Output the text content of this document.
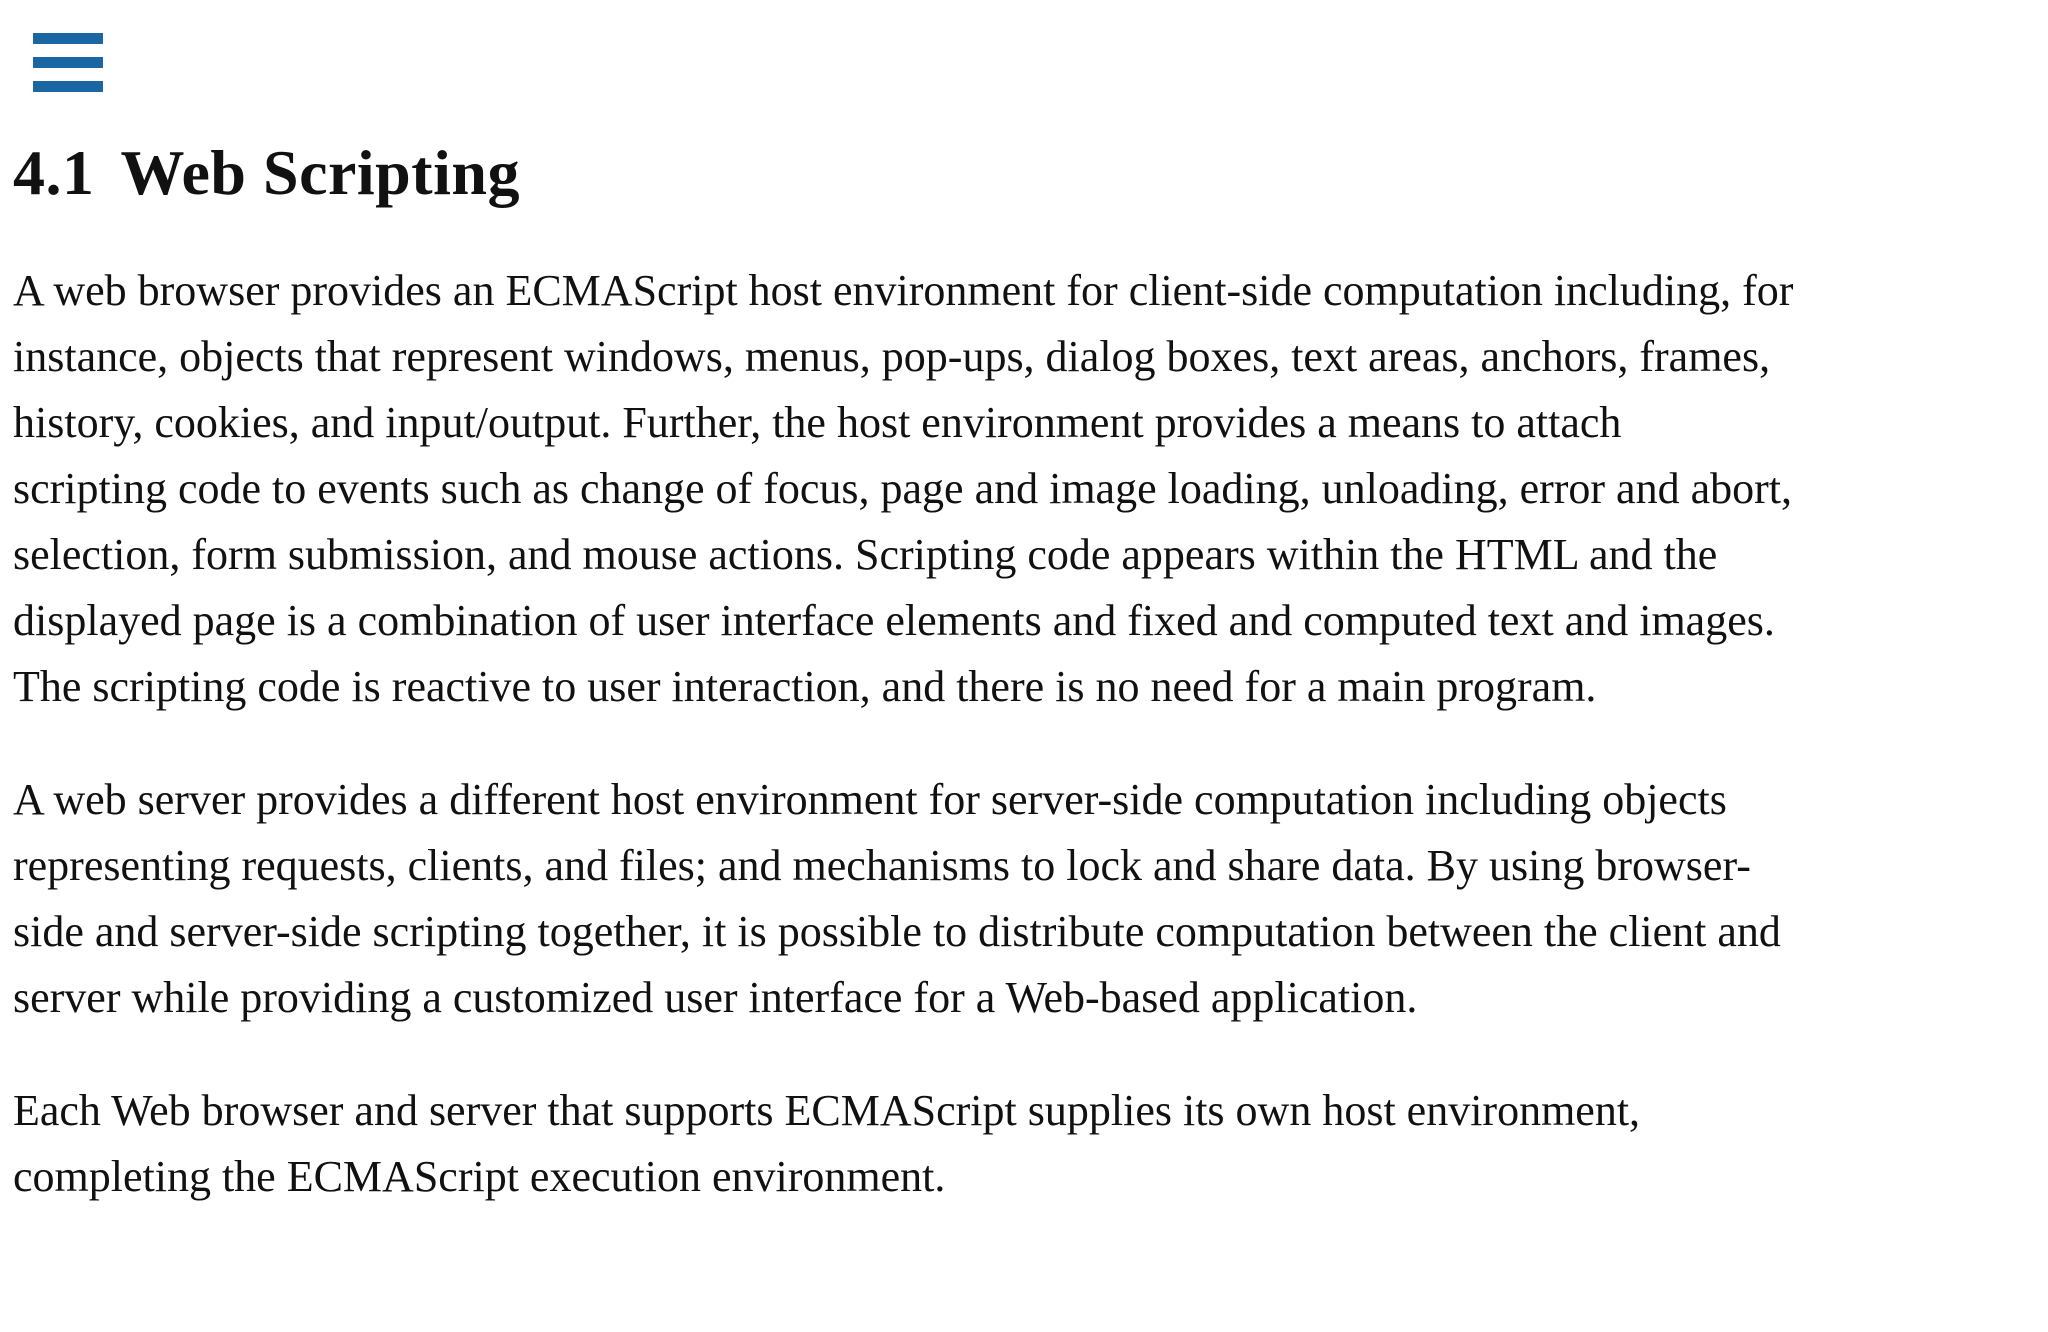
4.1 Web Scripting

A web browser provides an ECMAScript host environment for client-side computation including, for
instance, objects that represent windows, menus, pop-ups, dialog boxes, text areas, anchors, frames,
history, cookies, and input/output. Further, the host environment provides a means to attach
scripting code to events such as change of focus, page and image loading, unloading, error and abort,
selection, form submission, and mouse actions. Scripting code appears within the HTML and the
displayed page is a combination of user interface elements and fixed and computed text and images.
The scripting code is reactive to user interaction, and there is no need for a main program.

A web server provides a different host environment for server-side computation including objects
representing requests, clients, and files; and mechanisms to lock and share data. By using browser-
side and server-side scripting together, it is possible to distribute computation between the client and
server while providing a customized user interface for a Web-based application.

Each Web browser and server that supports ECMAScript supplies its own host environment,
completing the ECMAScript execution environment.
